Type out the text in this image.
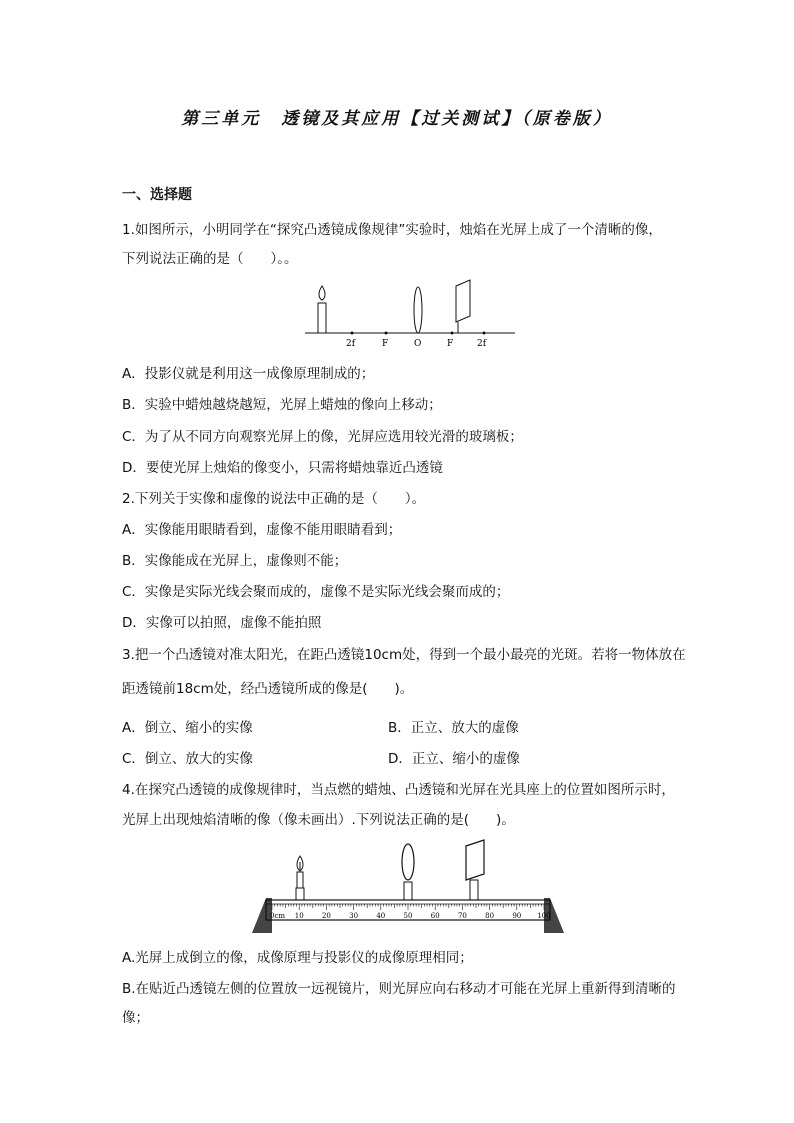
第三单元　透镜及其应用【过关测试】（原卷版）
一、选择题
1.如图所示，小明同学在“探究凸透镜成像规律”实验时，烛焰在光屏上成了一个清晰的像，
下列说法正确的是（　　）。。
2f	F	O	F	2f
A．投影仪就是利用这一成像原理制成的；
B．实验中蜡烛越烧越短，光屏上蜡烛的像向上移动；
C．为了从不同方向观察光屏上的像，光屏应选用较光滑的玻璃板；
D．要使光屏上烛焰的像变小，只需将蜡烛靠近凸透镜
2.下列关于实像和虚像的说法中正确的是（　　）。
A．实像能用眼睛看到，虚像不能用眼睛看到；
B．实像能成在光屏上，虚像则不能；
C．实像是实际光线会聚而成的，虚像不是实际光线会聚而成的；
D．实像可以拍照，虚像不能拍照
3.把一个凸透镜对准太阳光，在距凸透镜10cm处，得到一个最小最亮的光斑。若将一物体放在
距透镜前18cm处，经凸透镜所成的像是(　　)。
A．倒立、缩小的实像	B．正立、放大的虚像
C．倒立、放大的实像	D．正立、缩小的虚像
4.在探究凸透镜的成像规律时，当点燃的蜡烛、凸透镜和光屏在光具座上的位置如图所示时，
光屏上出现烛焰清晰的像（像未画出）.下列说法正确的是(　　)。
0cm 10	20	30	40	50	60	70	80	90 100
A.光屏上成倒立的像，成像原理与投影仪的成像原理相同；
B.在贴近凸透镜左侧的位置放一远视镜片，则光屏应向右移动才可能在光屏上重新得到清晰的
像；
